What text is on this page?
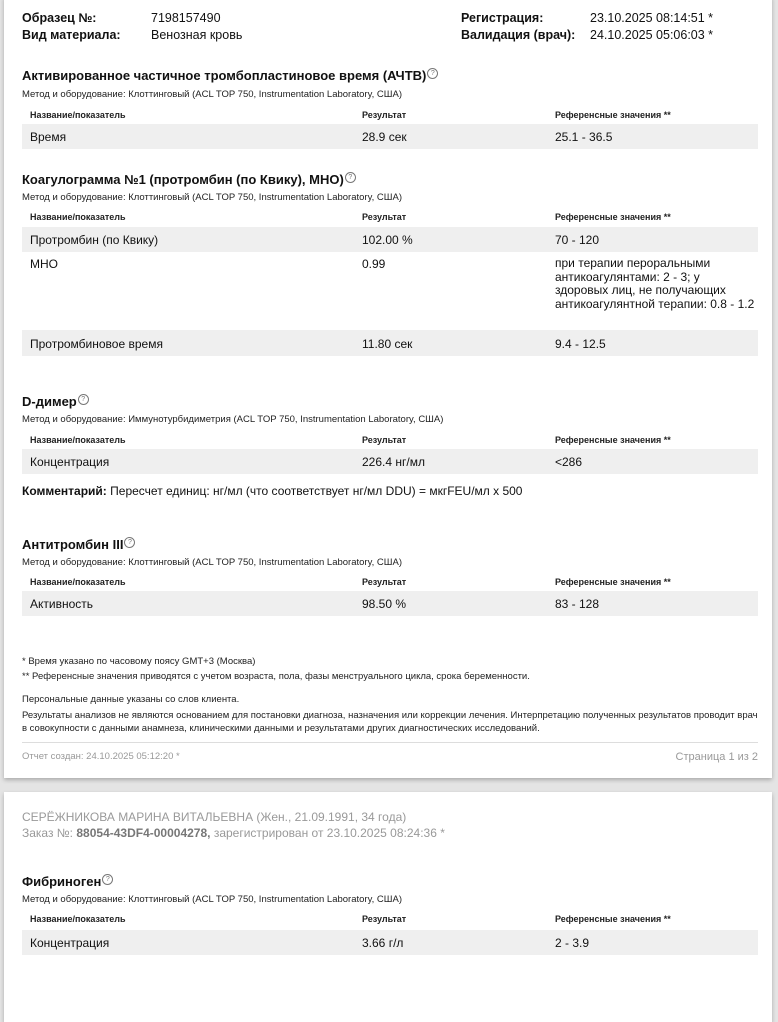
Образец №:	7198157490
Вид материала: Венозная кровь
Регистрация:	23.10.2025 08:14:51 *
Валидация (врач): 24.10.2025 05:06:03 *
Активированное частичное тромбопластиновое время (АЧТВ) ?
Метод и оборудование: Клоттинговый (ACL TOP 750, Instrumentation Laboratory, США)
Название/показатель	Результат	Референсные значения **
Время	28.9 сек	25.1 - 36.5
Коагулограмма №1 (протромбин (по Квику), МНО) ?
Метод и оборудование: Клоттинговый (ACL TOP 750, Instrumentation Laboratory, США)
Название/показатель	Результат	Референсные значения **
Протромбин (по Квику)	102.00 %	70 - 120
МНО	0.99	при терапии пероральными антикоагулянтами: 2 - 3; у здоровых лиц, не получающих антикоагулянтной терапии: 0.8 - 1.2
Протромбиновое время	11.80 сек	9.4 - 12.5
D-димер ?
Метод и оборудование: Иммунотурбидиметрия (ACL TOP 750, Instrumentation Laboratory, США)
Название/показатель	Результат	Референсные значения **
Концентрация	226.4 нг/мл	<286
Комментарий: Пересчет единиц: нг/мл (что соответствует нг/мл DDU) = мкгFEU/мл х 500
Антитромбин III ?
Метод и оборудование: Клоттинговый (ACL TOP 750, Instrumentation Laboratory, США)
Название/показатель	Результат	Референсные значения **
Активность	98.50 %	83 - 128
* Время указано по часовому поясу GMT+3 (Москва)
** Референсные значения приводятся с учетом возраста, пола, фазы менструального цикла, срока беременности.
Персональные данные указаны со слов клиента.
Результаты анализов не являются основанием для постановки диагноза, назначения или коррекции лечения. Интерпретацию полученных результатов проводит врач в совокупности с данными анамнеза, клиническими данными и результатами других диагностических исследований.
Отчет создан: 24.10.2025 05:12:20 *	Страница 1 из 2
СЕРЁЖНИКОВА МАРИНА ВИТАЛЬЕВНА (Жен., 21.09.1991, 34 года)
Заказ №: 88054-43DF4-00004278, зарегистрирован от 23.10.2025 08:24:36 *
Фибриноген ?
Метод и оборудование: Клоттинговый (ACL TOP 750, Instrumentation Laboratory, США)
Название/показатель	Результат	Референсные значения **
Концентрация	3.66 г/л	2 - 3.9
